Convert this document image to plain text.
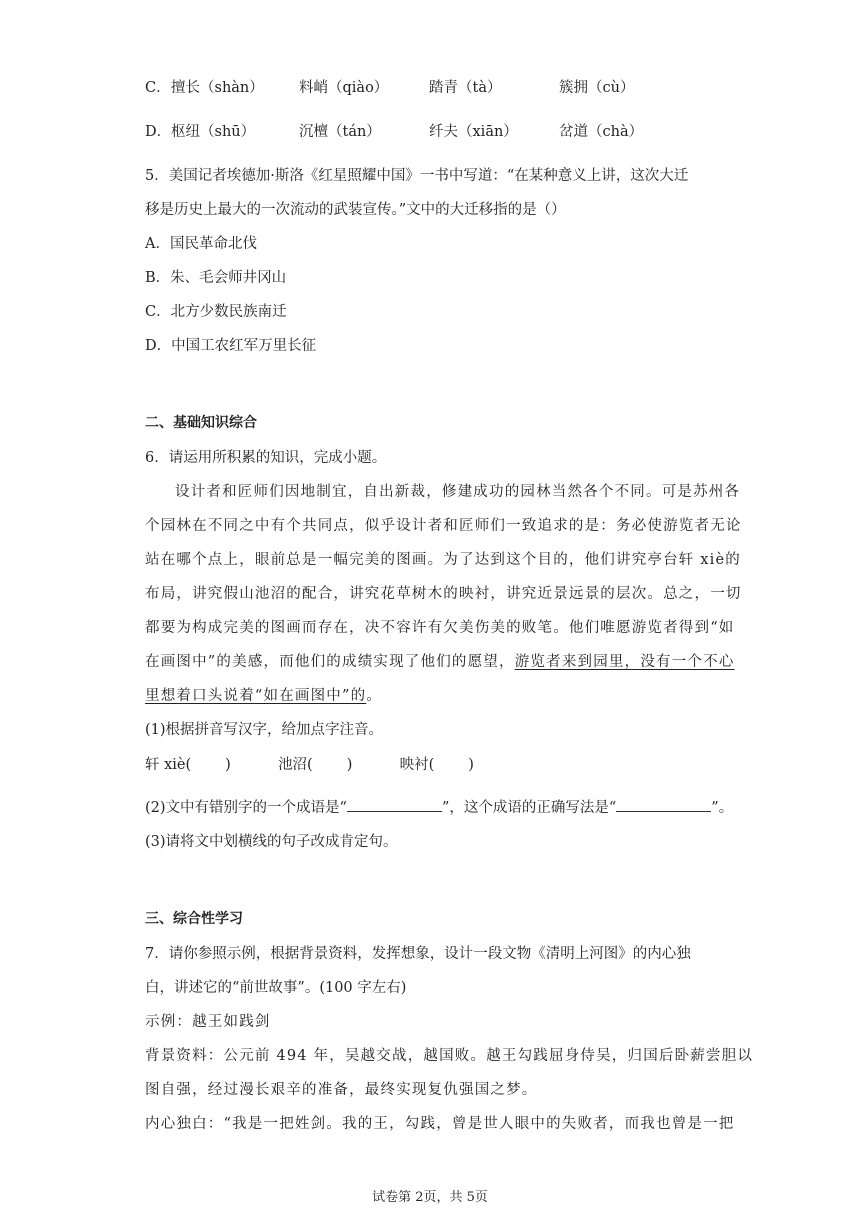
C．擅长（shàn） 料峭（qiào）	踏青（tà）	簇拥（cù）
D．枢纽（shū）	沉檀（tán）	纤夫（xiān）	岔道（chà）
5．美国记者埃德加·斯洛《红星照耀中国》一书中写道：“在某种意义上讲，这次大迁
移是历史上最大的一次流动的武装宣传。”文中的大迁移指的是（）
A．国民革命北伐
B．朱、毛会师井冈山
C．北方少数民族南迁
D．中国工农红军万里长征
二、基础知识综合
6．请运用所积累的知识，完成小题。
设计者和匠师们因地制宜，自出新裁，修建成功的园林当然各个不同。可是苏州各
个园林在不同之中有个共同点，似乎设计者和匠师们一致追求的是：务必使游览者无论
站在哪个点上，眼前总是一幅完美的图画。为了达到这个目的，他们讲究亭台轩 xiè的
布局，讲究假山池沼的配合，讲究花草树木的映衬，讲究近景远景的层次。总之，一切
都要为构成完美的图画而存在，决不容许有欠美伤美的败笔。他们唯愿游览者得到“如
在画图中”的美感，而他们的成绩实现了他们的愿望，游览者来到园里，没有一个不心
里想着口头说着“如在画图中”的。
(1)根据拼音写汉字，给加点字注音。
轩 xiè( )	池沼( )	映衬( )
(2)文中有错别字的一个成语是“	”，这个成语的正确写法是“	”。
(3)请将文中划横线的句子改成肯定句。
三、综合性学习
7．请你参照示例，根据背景资料，发挥想象，设计一段文物《清明上河图》的内心独
白，讲述它的“前世故事”。(100 字左右)
示例：越王如践剑
背景资料：公元前 494 年，吴越交战，越国败。越王勾践屈身侍吴，归国后卧薪尝胆以
图自强，经过漫长艰辛的准备，最终实现复仇强国之梦。
内心独白：“我是一把姓剑。我的王，勾践，曾是世人眼中的失败者，而我也曾是一把
试卷第 2页，共 5页
